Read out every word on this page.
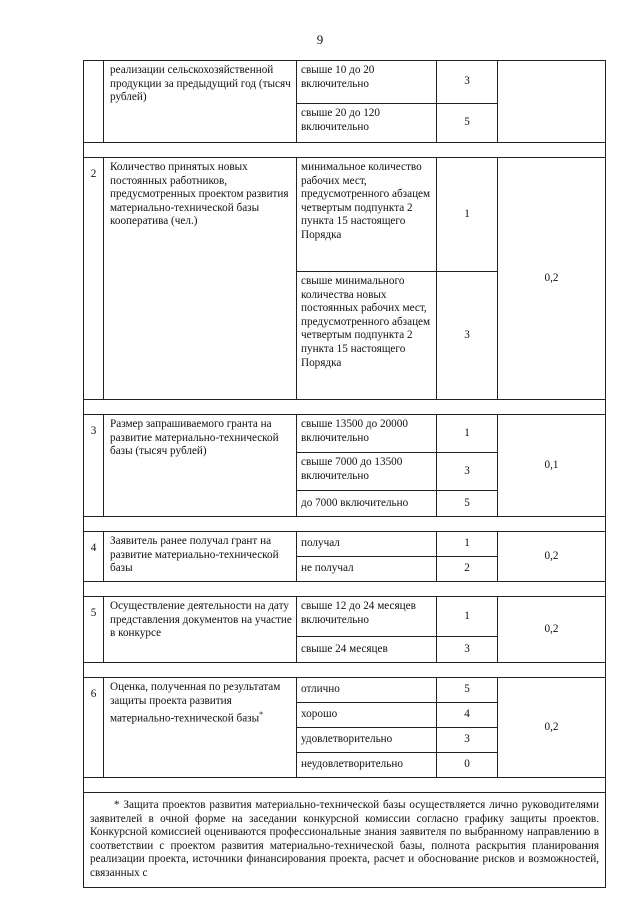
9
	реализации сельскохозяйственной продукции за предыдущий год (тысяч рублей)	свыше 10 до 20 включительно	3	
		свыше 20 до 120 включительно	5	

2	Количество принятых новых постоянных работников, предусмотренных проектом развития материально-технической базы кооператива (чел.)	минимальное количество рабочих мест, предусмотренного абзацем четвертым подпункта 2 пункта 15 настоящего Порядка	1	0,2
		свыше минимального количества новых постоянных рабочих мест, предусмотренного абзацем четвертым подпункта 2 пункта 15 настоящего Порядка	3	

3	Размер запрашиваемого гранта на развитие материально-технической базы (тысяч рублей)	свыше 13500 до 20000 включительно	1	0,1
		свыше 7000 до 13500 включительно	3	
		до 7000 включительно	5	

4	Заявитель ранее получал грант на развитие материально-технической базы	получал	1	0,2
		не получал	2	

5	Осуществление деятельности на дату представления документов на участие в конкурсе	свыше 12 до 24 месяцев включительно	1	0,2
		свыше 24 месяцев	3	

6	Оценка, полученная по результатам защиты проекта развития материально-технической базы*	отлично	5	0,2
		хорошо	4	
		удовлетворительно	3	
		неудовлетворительно	0	

* Защита проектов развития материально-технической базы осуществляется лично руководителями заявителей в очной форме на заседании конкурсной комиссии согласно графику защиты проектов. Конкурсной комиссией оцениваются профессиональные знания заявителя по выбранному направлению в соответствии с проектом развития материально-технической базы, полнота раскрытия планирования реализации проекта, источники финансирования проекта, расчет и обоснование рисков и возможностей, связанных с				
